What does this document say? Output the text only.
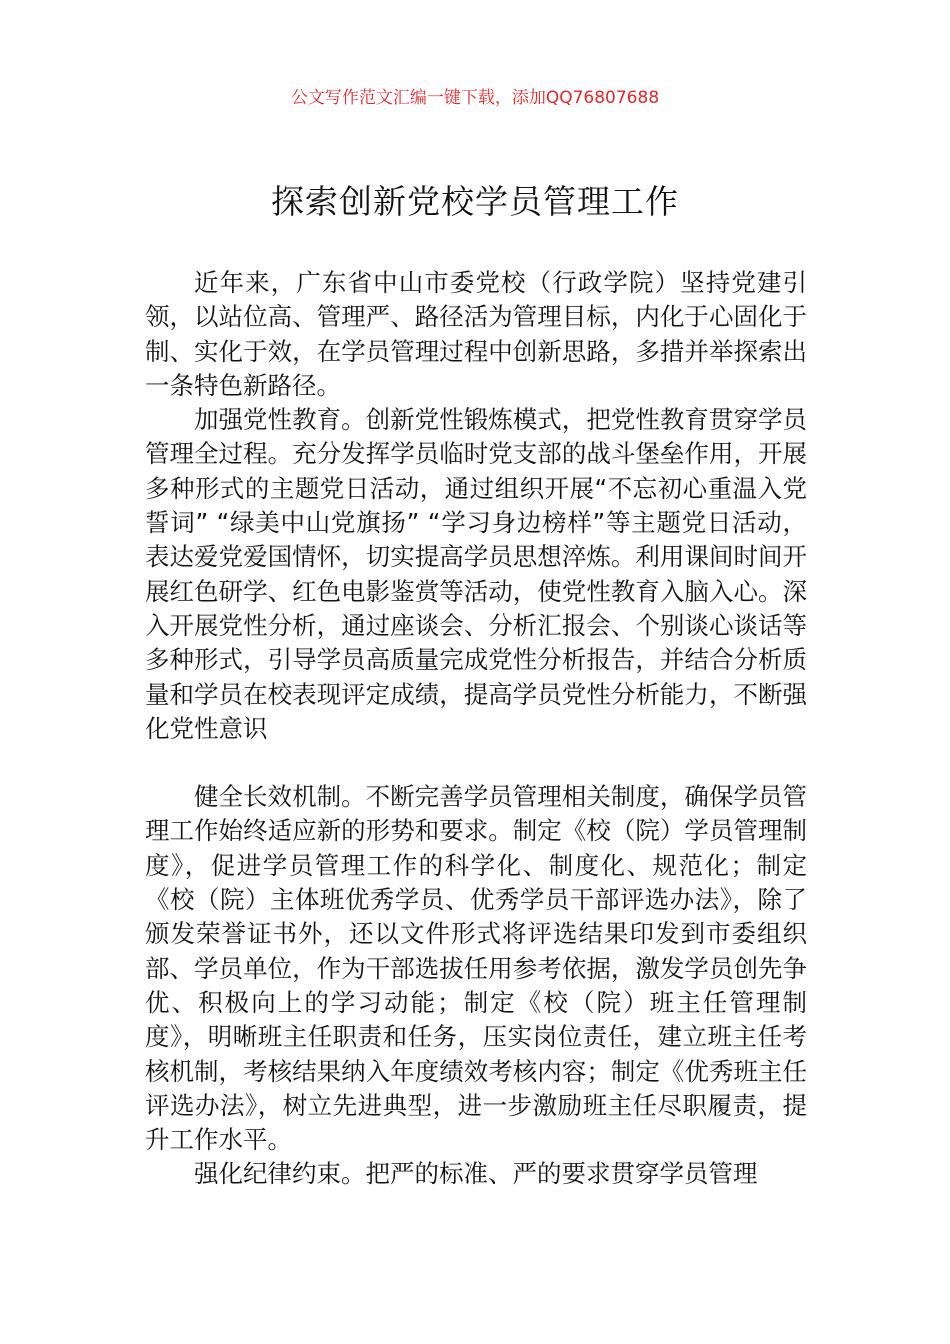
公文写作范文汇编一键下载，添加QQ76807688
探索创新党校学员管理工作

近年来，广东省中山市委党校（行政学院）坚持党建引领，以站位高、管理严、路径活为管理目标，内化于心固化于制、实化于效，在学员管理过程中创新思路，多措并举探索出一条特色新路径。

加强党性教育。创新党性锻炼模式，把党性教育贯穿学员管理全过程。充分发挥学员临时党支部的战斗堡垒作用，开展多种形式的主题党日活动，通过组织开展“不忘初心重温入党誓词” “绿美中山党旗扬” “学习身边榜样”等主题党日活动，表达爱党爱国情怀，切实提高学员思想淬炼。利用课间时间开展红色研学、红色电影鉴赏等活动，使党性教育入脑入心。深入开展党性分析，通过座谈会、分析汇报会、个别谈心谈话等多种形式，引导学员高质量完成党性分析报告，并结合分析质量和学员在校表现评定成绩，提高学员党性分析能力，不断强化党性意识

健全长效机制。不断完善学员管理相关制度，确保学员管理工作始终适应新的形势和要求。制定《校（院）学员管理制度》，促进学员管理工作的科学化、制度化、规范化；制定《校（院）主体班优秀学员、优秀学员干部评选办法》，除了颁发荣誉证书外，还以文件形式将评选结果印发到市委组织部、学员单位，作为干部选拔任用参考依据，激发学员创先争优、积极向上的学习动能；制定《校（院）班主任管理制度》，明晰班主任职责和任务，压实岗位责任，建立班主任考核机制，考核结果纳入年度绩效考核内容；制定《优秀班主任评选办法》，树立先进典型，进一步激励班主任尽职履责，提升工作水平。

强化纪律约束。把严的标准、严的要求贯穿学员管理
